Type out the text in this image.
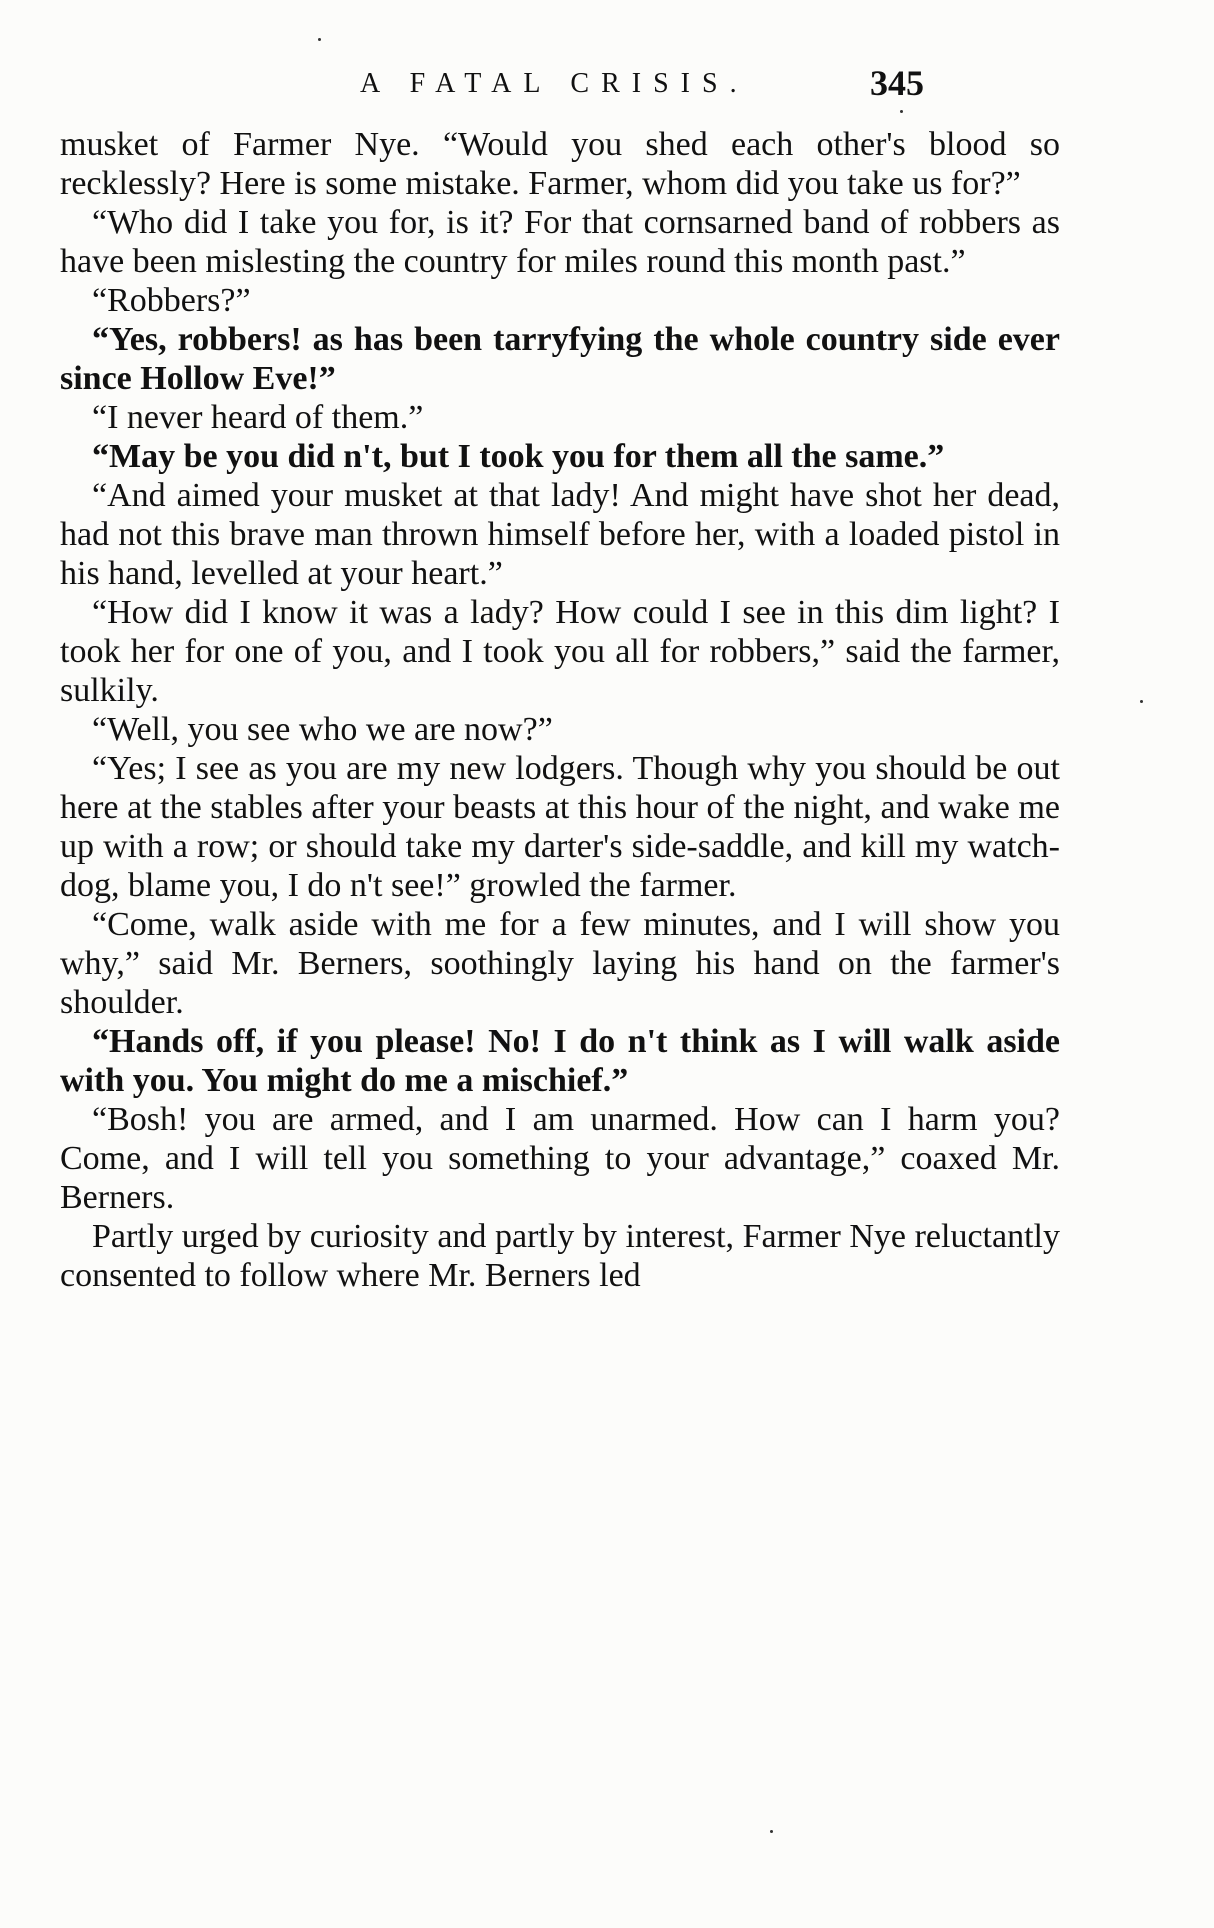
A FATAL CRISIS.	345

musket of Farmer Nye. “Would you shed each other's blood so recklessly? Here is some mistake. Farmer, whom did you take us for?”

“Who did I take you for, is it? For that cornsarned band of robbers as have been mislesting the country for miles round this month past.”

“Robbers?”

“Yes, robbers! as has been tarryfying the whole country side ever since Hollow Eve!”

“I never heard of them.”

“May be you did n't, but I took you for them all the same.”

“And aimed your musket at that lady! And might have shot her dead, had not this brave man thrown himself before her, with a loaded pistol in his hand, levelled at your heart.”

“How did I know it was a lady? How could I see in this dim light? I took her for one of you, and I took you all for robbers,” said the farmer, sulkily.

“Well, you see who we are now?”

“Yes; I see as you are my new lodgers. Though why you should be out here at the stables after your beasts at this hour of the night, and wake me up with a row; or should take my darter's side-saddle, and kill my watch-dog, blame you, I do n't see!” growled the farmer.

“Come, walk aside with me for a few minutes, and I will show you why,” said Mr. Berners, soothingly laying his hand on the farmer's shoulder.

“Hands off, if you please! No! I do n't think as I will walk aside with you. You might do me a mischief.”

“Bosh! you are armed, and I am unarmed. How can I harm you? Come, and I will tell you something to your advantage,” coaxed Mr. Berners.

Partly urged by curiosity and partly by interest, Farmer Nye reluctantly consented to follow where Mr. Berners led
